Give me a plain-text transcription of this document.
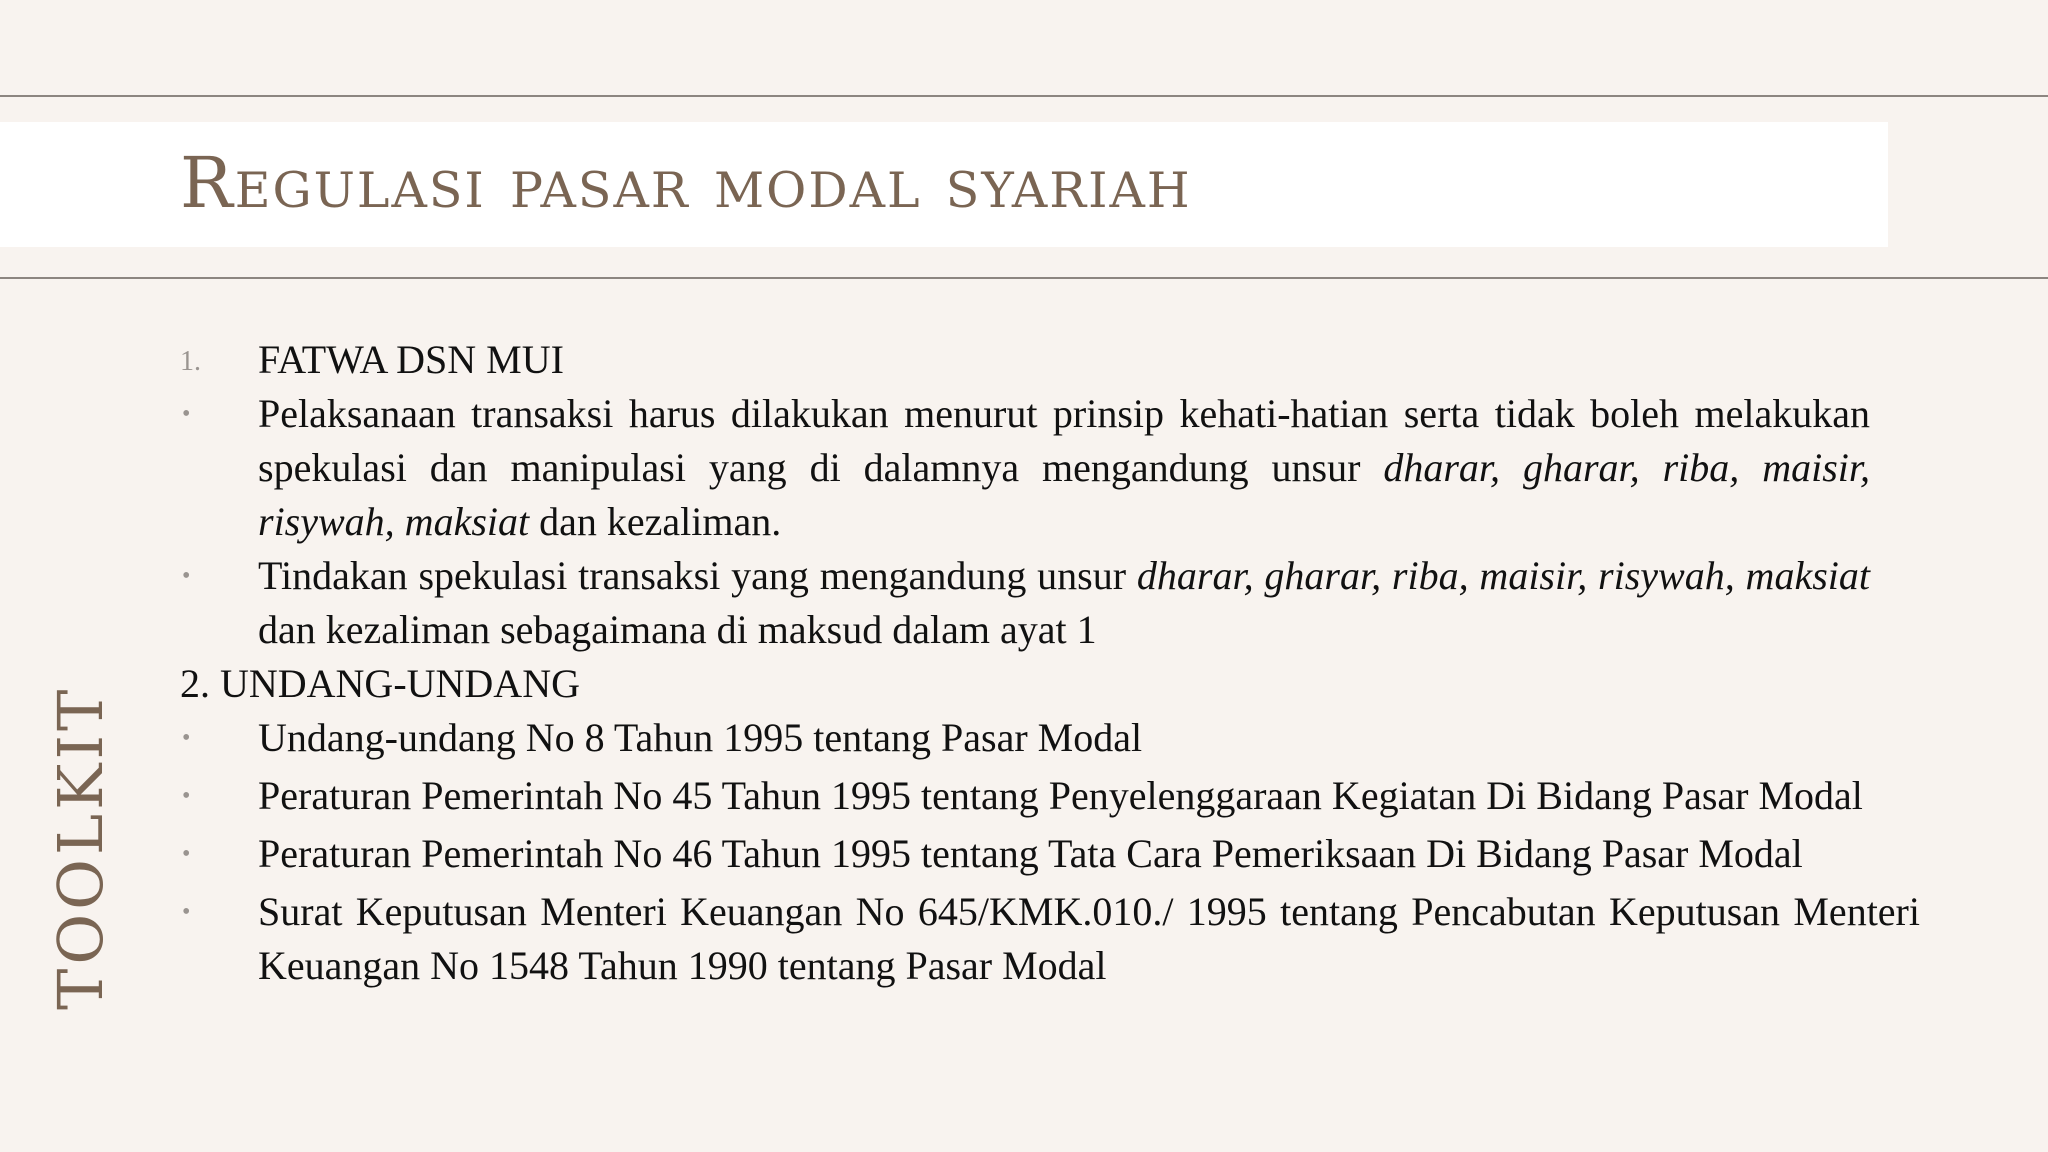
Regulasi pasar modal syariah
TOOLKIT
1. FATWA DSN MUI
• Pelaksanaan transaksi harus dilakukan menurut prinsip kehati-hatian serta tidak boleh melakukan spekulasi dan manipulasi yang di dalamnya mengandung unsur dharar, gharar, riba, maisir, risywah, maksiat dan kezaliman.
• Tindakan spekulasi transaksi yang mengandung unsur dharar, gharar, riba, maisir, risywah, maksiat dan kezaliman sebagaimana di maksud dalam ayat 1
2. UNDANG-UNDANG
• Undang-undang No 8 Tahun 1995 tentang Pasar Modal
• Peraturan Pemerintah No 45 Tahun 1995 tentang Penyelenggaraan Kegiatan Di Bidang Pasar Modal
• Peraturan Pemerintah No 46 Tahun 1995 tentang Tata Cara Pemeriksaan Di Bidang Pasar Modal
• Surat Keputusan Menteri Keuangan No 645/KMK.010./ 1995 tentang Pencabutan Keputusan Menteri Keuangan No 1548 Tahun 1990 tentang Pasar Modal
